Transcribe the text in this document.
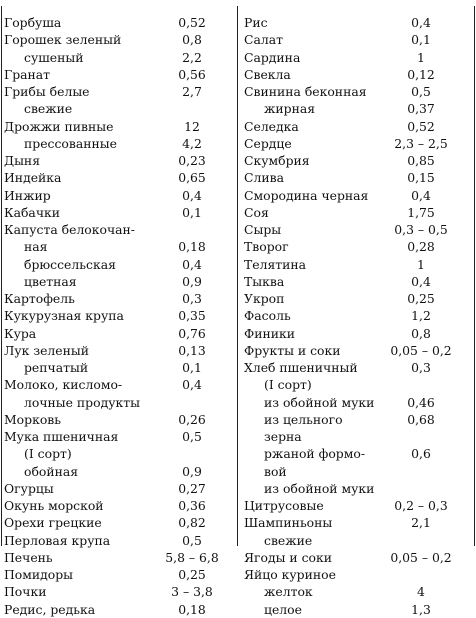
Горбуша	0,52
Горошек зеленый	0,8
сушеный	2,2
Гранат	0,56
Грибы белые	2,7
свежие
Дрожжи пивные	12
прессованные	4,2
Дыня	0,23
Индейка	0,65
Инжир	0,4
Кабачки	0,1
Капуста белокочан-
ная	0,18
брюссельская	0,4
цветная	0,9
Картофель	0,3
Кукурузная крупа	0,35
Кура	0,76
Лук зеленый	0,13
репчатый	0,1
Молоко, кисломо-	0,4
лочные продукты
Морковь	0,26
Мука пшеничная	0,5
(I сорт)
обойная	0,9
Огурцы	0,27
Окунь морской	0,36
Орехи грецкие	0,82
Перловая крупа	0,5
Печень	5,8 – 6,8
Помидоры	0,25
Почки	3 – 3,8
Редис, редька	0,18
Рис	0,4
Салат	0,1
Сардина	1
Свекла	0,12
Свинина беконная	0,5
жирная	0,37
Селедка	0,52
Сердце	2,3 – 2,5
Скумбрия	0,85
Слива	0,15
Смородина черная	0,4
Соя	1,75
Сыры	0,3 – 0,5
Творог	0,28
Телятина	1
Тыква	0,4
Укроп	0,25
Фасоль	1,2
Финики	0,8
Фрукты и соки	0,05 – 0,2
Хлеб пшеничный	0,3
(I сорт)
из обойной муки	0,46
из цельного	0,68
зерна
ржаной формо-	0,6
вой
из обойной муки
Цитрусовые	0,2 – 0,3
Шампиньоны	2,1
свежие
Ягоды и соки	0,05 – 0,2
Яйцо куриное
желток	4
целое	1,3
